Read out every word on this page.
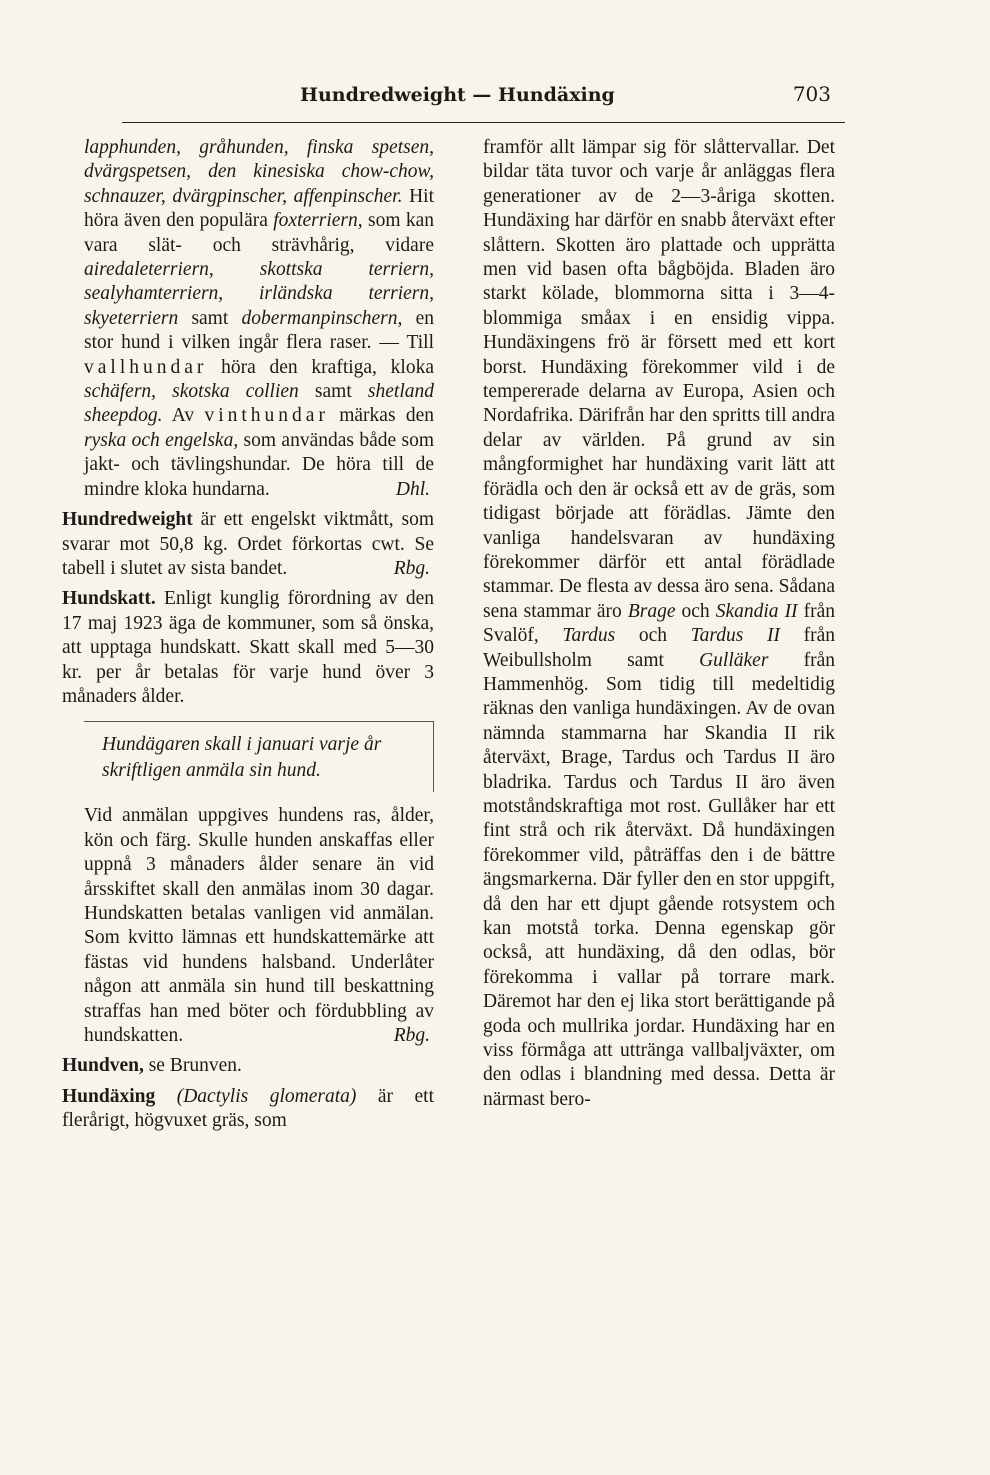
Hundredweight — Hundäxing	703

lapphunden, gråhunden, finska spetsen, dvärgspetsen, den kinesiska chow-chow, schnauzer, dvärgpinscher, affenpinscher. Hit höra även den populära foxterriern, som kan vara slät- och strävhårig, vidare airedaleterriern, skottska terriern, sealyhamterriern, irländska terriern, skyeterriern samt dobermanpinschern, en stor hund i vilken ingår flera raser. — Till vallhundar höra den kraftiga, kloka schäfern, skotska collien samt shetland sheepdog. Av vinthundar märkas den ryska och engelska, som användas både som jakt- och tävlingshundar. De höra till de mindre kloka hundarna.	Dhl.

Hundredweight är ett engelskt viktmått, som svarar mot 50,8 kg. Ordet förkortas cwt. Se tabell i slutet av sista bandet.	Rbg.

Hundskatt. Enligt kunglig förordning av den 17 maj 1923 äga de kommuner, som så önska, att upptaga hundskatt. Skatt skall med 5—30 kr. per år betalas för varje hund över 3 månaders ålder.

Hundägaren skall i januari varje år skriftligen anmäla sin hund.

Vid anmälan uppgives hundens ras, ålder, kön och färg. Skulle hunden anskaffas eller uppnå 3 månaders ålder senare än vid årsskiftet skall den anmälas inom 30 dagar. Hundskatten betalas vanligen vid anmälan. Som kvitto lämnas ett hundskattemärke att fästas vid hundens halsband. Underlåter någon att anmäla sin hund till beskattning straffas han med böter och fördubbling av hundskatten.	Rbg.

Hundven, se Brunven.

Hundäxing (Dactylis glomerata) är ett flerårigt, högvuxet gräs, som

framför allt lämpar sig för slåttervallar. Det bildar täta tuvor och varje år anläggas flera generationer av de 2—3-åriga skotten. Hundäxing har därför en snabb återväxt efter slåttern. Skotten äro plattade och upprätta men vid basen ofta bågböjda. Bladen äro starkt kölade, blommorna sitta i 3—4-blommiga småax i en ensidig vippa. Hundäxingens frö är försett med ett kort borst. Hundäxing förekommer vild i de tempererade delarna av Europa, Asien och Nordafrika. Därifrån har den spritts till andra delar av världen. På grund av sin mångformighet har hundäxing varit lätt att förädla och den är också ett av de gräs, som tidigast började att förädlas. Jämte den vanliga handelsvaran av hundäxing förekommer därför ett antal förädlade stammar. De flesta av dessa äro sena. Sådana sena stammar äro Brage och Skandia II från Svalöf, Tardus och Tardus II från Weibullsholm samt Gulläker från Hammenhög. Som tidig till medeltidig räknas den vanliga hundäxingen. Av de ovan nämnda stammarna har Skandia II rik återväxt, Brage, Tardus och Tardus II äro bladrika. Tardus och Tardus II äro även motståndskraftiga mot rost. Gullåker har ett fint strå och rik återväxt. Då hundäxingen förekommer vild, påträffas den i de bättre ängsmarkerna. Där fyller den en stor uppgift, då den har ett djupt gående rotsystem och kan motstå torka. Denna egenskap gör också, att hundäxing, då den odlas, bör förekomma i vallar på torrare mark. Däremot har den ej lika stort berättigande på goda och mullrika jordar. Hundäxing har en viss förmåga att uttränga vallbaljväxter, om den odlas i blandning med dessa. Detta är närmast bero-
